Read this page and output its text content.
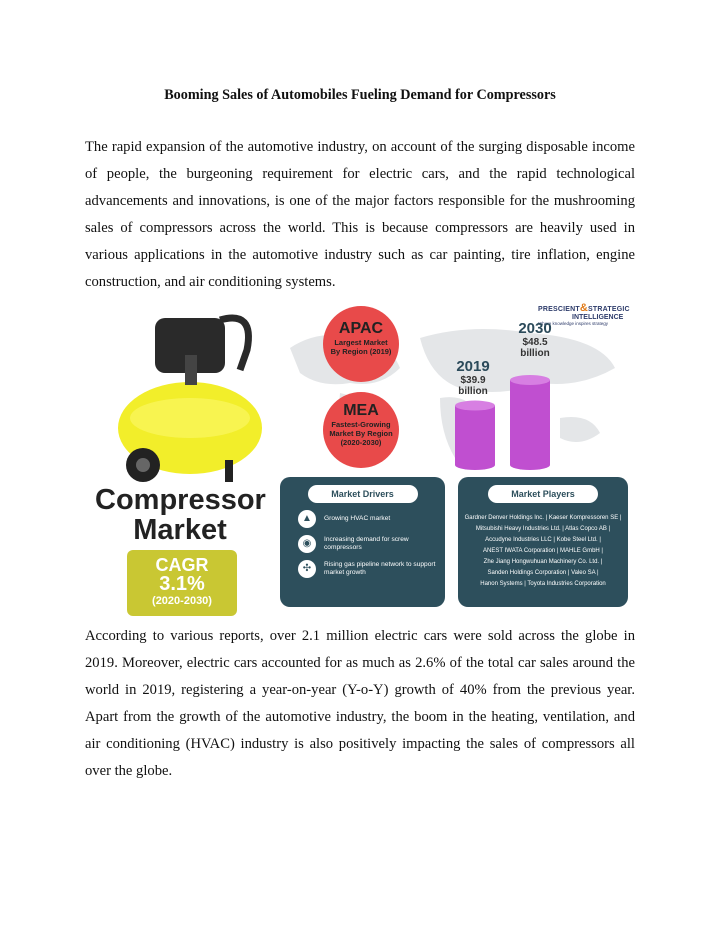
Booming Sales of Automobiles Fueling Demand for Compressors
The rapid expansion of the automotive industry, on account of the surging disposable income of people, the burgeoning requirement for electric cars, and the rapid technological advancements and innovations, is one of the major factors responsible for the mushrooming sales of compressors across the world. This is because compressors are heavily used in various applications in the automotive industry such as car painting, tire inflation, engine construction, and air conditioning systems.
Compressor
Market
CAGR
3.1%
(2020-2030)
PRESCIENT&STRATEGIC
INTELLIGENCE
Where knowledge inspires strategy
APAC
Largest Market
By Region (2019)
MEA
Fastest-Growing
Market By Region
(2020-2030)
2019
$39.9
billion
2030
$48.5
billion
Market Drivers
▲	Growing HVAC market
◉	Increasing demand for screw compressors
✣	Rising gas pipeline network to support market growth
Market Players
Gardner Denver Holdings Inc. | Kaeser Kompressoren SE |
Mitsubishi Heavy Industries Ltd. | Atlas Copco AB |
Accudyne Industries LLC | Kobe Steel Ltd. |
ANEST IWATA Corporation | MAHLE GmbH |
Zhe Jiang Hongwuhuan Machinery Co. Ltd. |
Sanden Holdings Corporation | Valeo SA |
Hanon Systems | Toyota Industries Corporation
According to various reports, over 2.1 million electric cars were sold across the globe in 2019. Moreover, electric cars accounted for as much as 2.6% of the total car sales around the world in 2019, registering a year-on-year (Y-o-Y) growth of 40% from the previous year. Apart from the growth of the automotive industry, the boom in the heating, ventilation, and air conditioning (HVAC) industry is also positively impacting the sales of compressors all over the globe.
